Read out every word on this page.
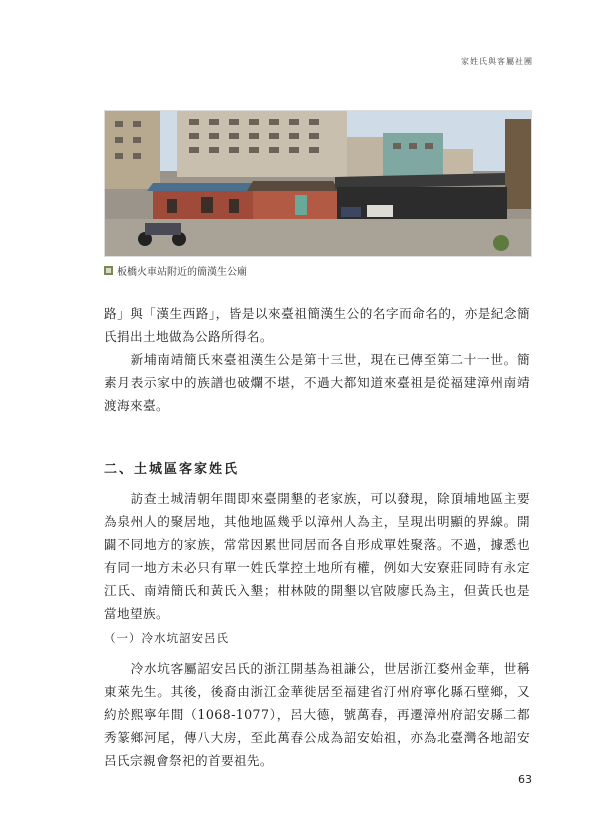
家姓氏與客屬社團
板橋火車站附近的簡漢生公廟

路」與「漢生西路」，皆是以來臺祖簡漢生公的名字而命名的，亦是紀念簡氏捐出土地做為公路所得名。

　　新埔南靖簡氏來臺祖漢生公是第十三世，現在已傳至第二十一世。簡素月表示家中的族譜也破爛不堪，不過大都知道來臺祖是從福建漳州南靖渡海來臺。

二、土城區客家姓氏

　　訪查土城清朝年間即來臺開墾的老家族，可以發現，除頂埔地區主要為泉州人的聚居地，其他地區幾乎以漳州人為主，呈現出明顯的界線。開闢不同地方的家族，常常因累世同居而各自形成單姓聚落。不過，據悉也有同一地方未必只有單一姓氏掌控土地所有權，例如大安寮莊同時有永定江氏、南靖簡氏和黃氏入墾；柑林陂的開墾以官陂廖氏為主，但黃氏也是當地望族。

（一）冷水坑詔安呂氏

　　冷水坑客屬詔安呂氏的浙江開基為祖謙公，世居浙江婺州金華，世稱東萊先生。其後，後裔由浙江金華徙居至福建省汀州府寧化縣石壁鄉，又約於熙寧年間（1068-1077），呂大德，號萬春，再遷漳州府詔安縣二都秀篆鄉河尾，傳八大房，至此萬春公成為詔安始祖，亦為北臺灣各地詔安呂氏宗親會祭祀的首要祖先。

63
